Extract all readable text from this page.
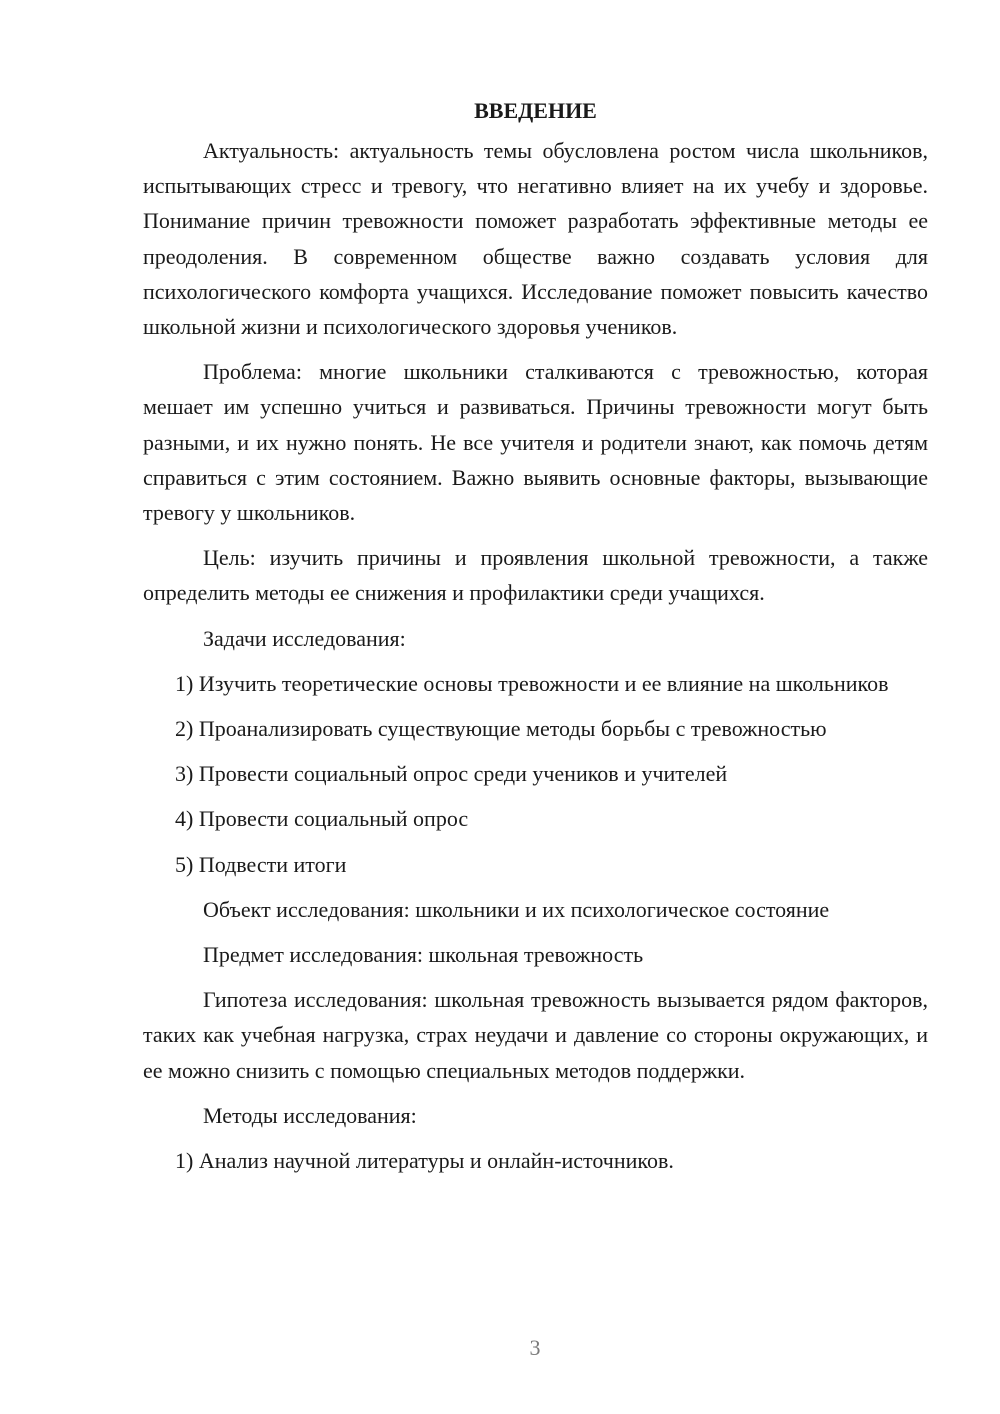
ВВЕДЕНИЕ

Актуальность: актуальность темы обусловлена ростом числа школьников, испытывающих стресс и тревогу, что негативно влияет на их учебу и здоровье. Понимание причин тревожности поможет разработать эффективные методы ее преодоления. В современном обществе важно создавать условия для психологического комфорта учащихся. Исследование поможет повысить качество школьной жизни и психологического здоровья учеников.

Проблема: многие школьники сталкиваются с тревожностью, которая мешает им успешно учиться и развиваться. Причины тревожности могут быть разными, и их нужно понять. Не все учителя и родители знают, как помочь детям справиться с этим состоянием. Важно выявить основные факторы, вызывающие тревогу у школьников.

Цель: изучить причины и проявления школьной тревожности, а также определить методы ее снижения и профилактики среди учащихся.

Задачи исследования:

1) Изучить теоретические основы тревожности и ее влияние на школьников

2) Проанализировать существующие методы борьбы с тревожностью

3) Провести социальный опрос среди учеников и учителей

4) Провести социальный опрос

5) Подвести итоги

Объект исследования: школьники и их психологическое состояние

Предмет исследования: школьная тревожность

Гипотеза исследования: школьная тревожность вызывается рядом факторов, таких как учебная нагрузка, страх неудачи и давление со стороны окружающих, и ее можно снизить с помощью специальных методов поддержки.

Методы исследования:

1) Анализ научной литературы и онлайн-источников.

3
